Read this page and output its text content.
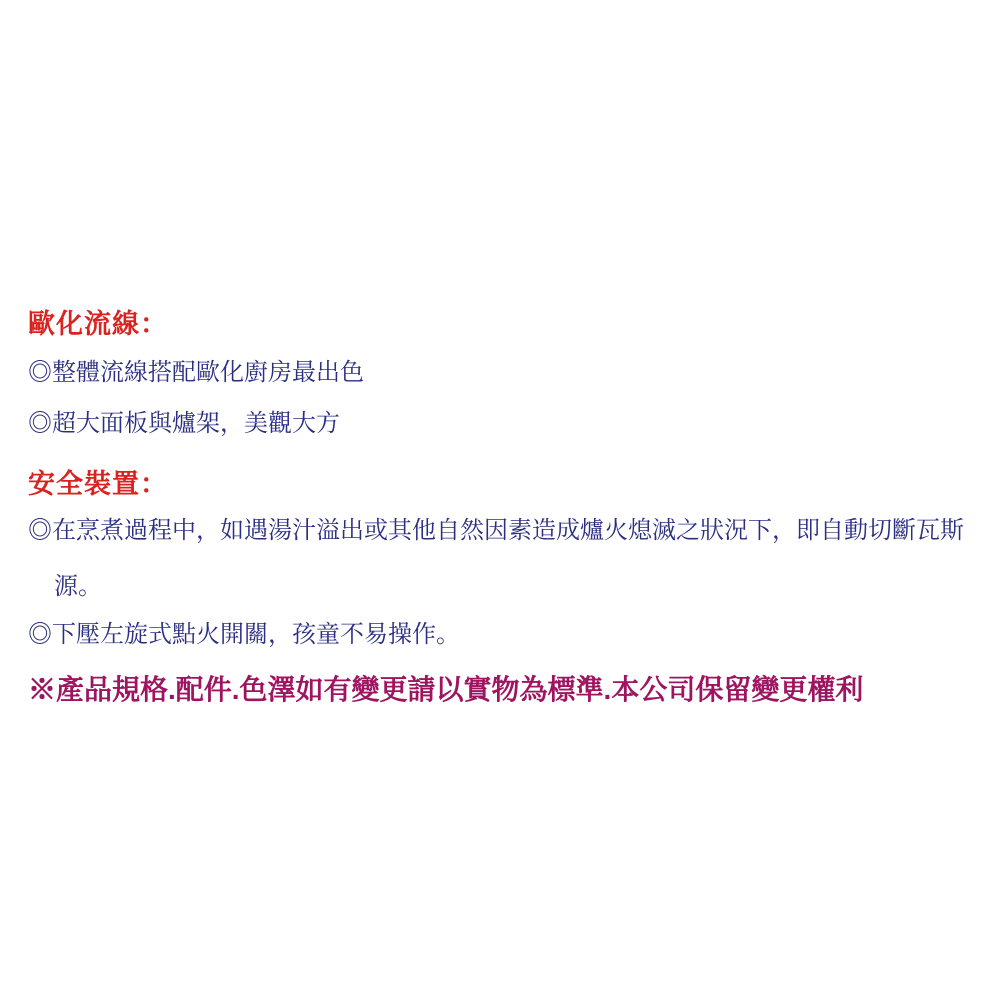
歐化流線：
◎整體流線搭配歐化廚房最出色
◎超大面板與爐架，美觀大方
安全裝置：
◎在烹煮過程中，如遇湯汁溢出或其他自然因素造成爐火熄滅之狀況下，即自動切斷瓦斯
源。
◎下壓左旋式點火開關，孩童不易操作。
※產品規格.配件.色澤如有變更請以實物為標準.本公司保留變更權利
